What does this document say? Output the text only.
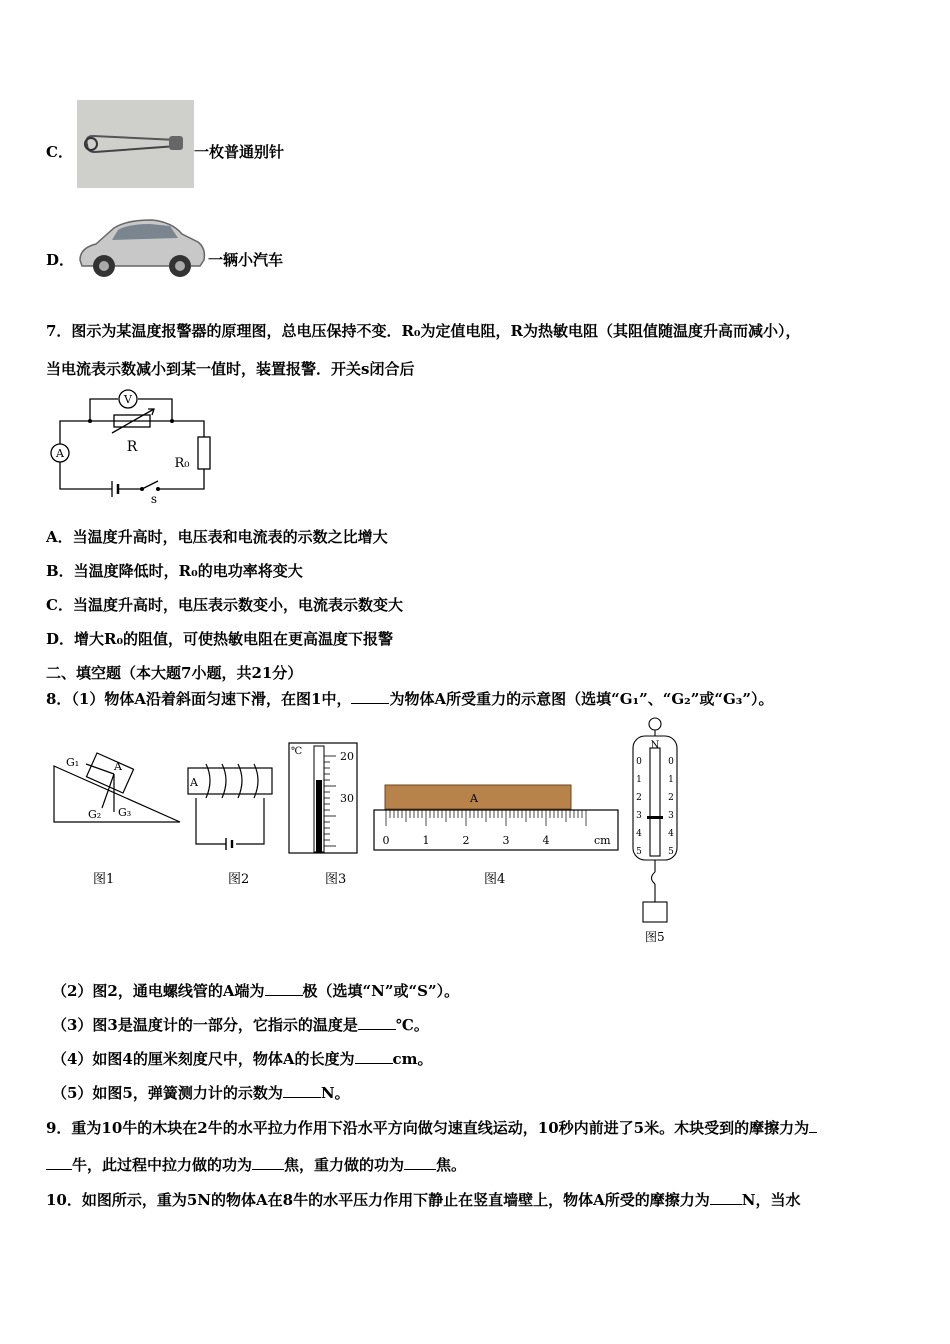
C．	一枚普通别针
D．	一辆小汽车
7．图示为某温度报警器的原理图，总电压保持不变．R₀为定值电阻，R为热敏电阻（其阻值随温度升高而减小），
当电流表示数减小到某一值时，装置报警．开关s闭合后
V
A	R
R₀
s
A．当温度升高时，电压表和电流表的示数之比增大
B．当温度降低时，R₀的电功率将变大
C．当温度升高时，电压表示数变小，电流表示数变大
D．增大R₀的阻值，可使热敏电阻在更高温度下报警
二、填空题（本大题7小题，共21分）
8．（1）物体A沿着斜面匀速下滑，在图1中，	为物体A所受重力的示意图（选填“G₁”、“G₂”或“G₃”）。
G₁	A
G₂ G₃
图1
A
图2
℃	20
30
图3
A
0	1	2	3	4	cm
图4
N
0
1
2
3
4
5
0
1
2
3
4
5
图5
（2）图2，通电螺线管的A端为	极（选填“N”或“S”）。
（3）图3是温度计的一部分，它指示的温度是	℃。
（4）如图4的厘米刻度尺中，物体A的长度为	cm。
（5）如图5，弹簧测力计的示数为	N。
9．重为10牛的木块在2牛的水平拉力作用下沿水平方向做匀速直线运动，10秒内前进了5米。木块受到的摩擦力为
牛，此过程中拉力做的功为 焦，重力做的功为 焦。
10．如图所示，重为5N的物体A在8牛的水平压力作用下静止在竖直墙壁上，物体A所受的摩擦力为 N，当水
